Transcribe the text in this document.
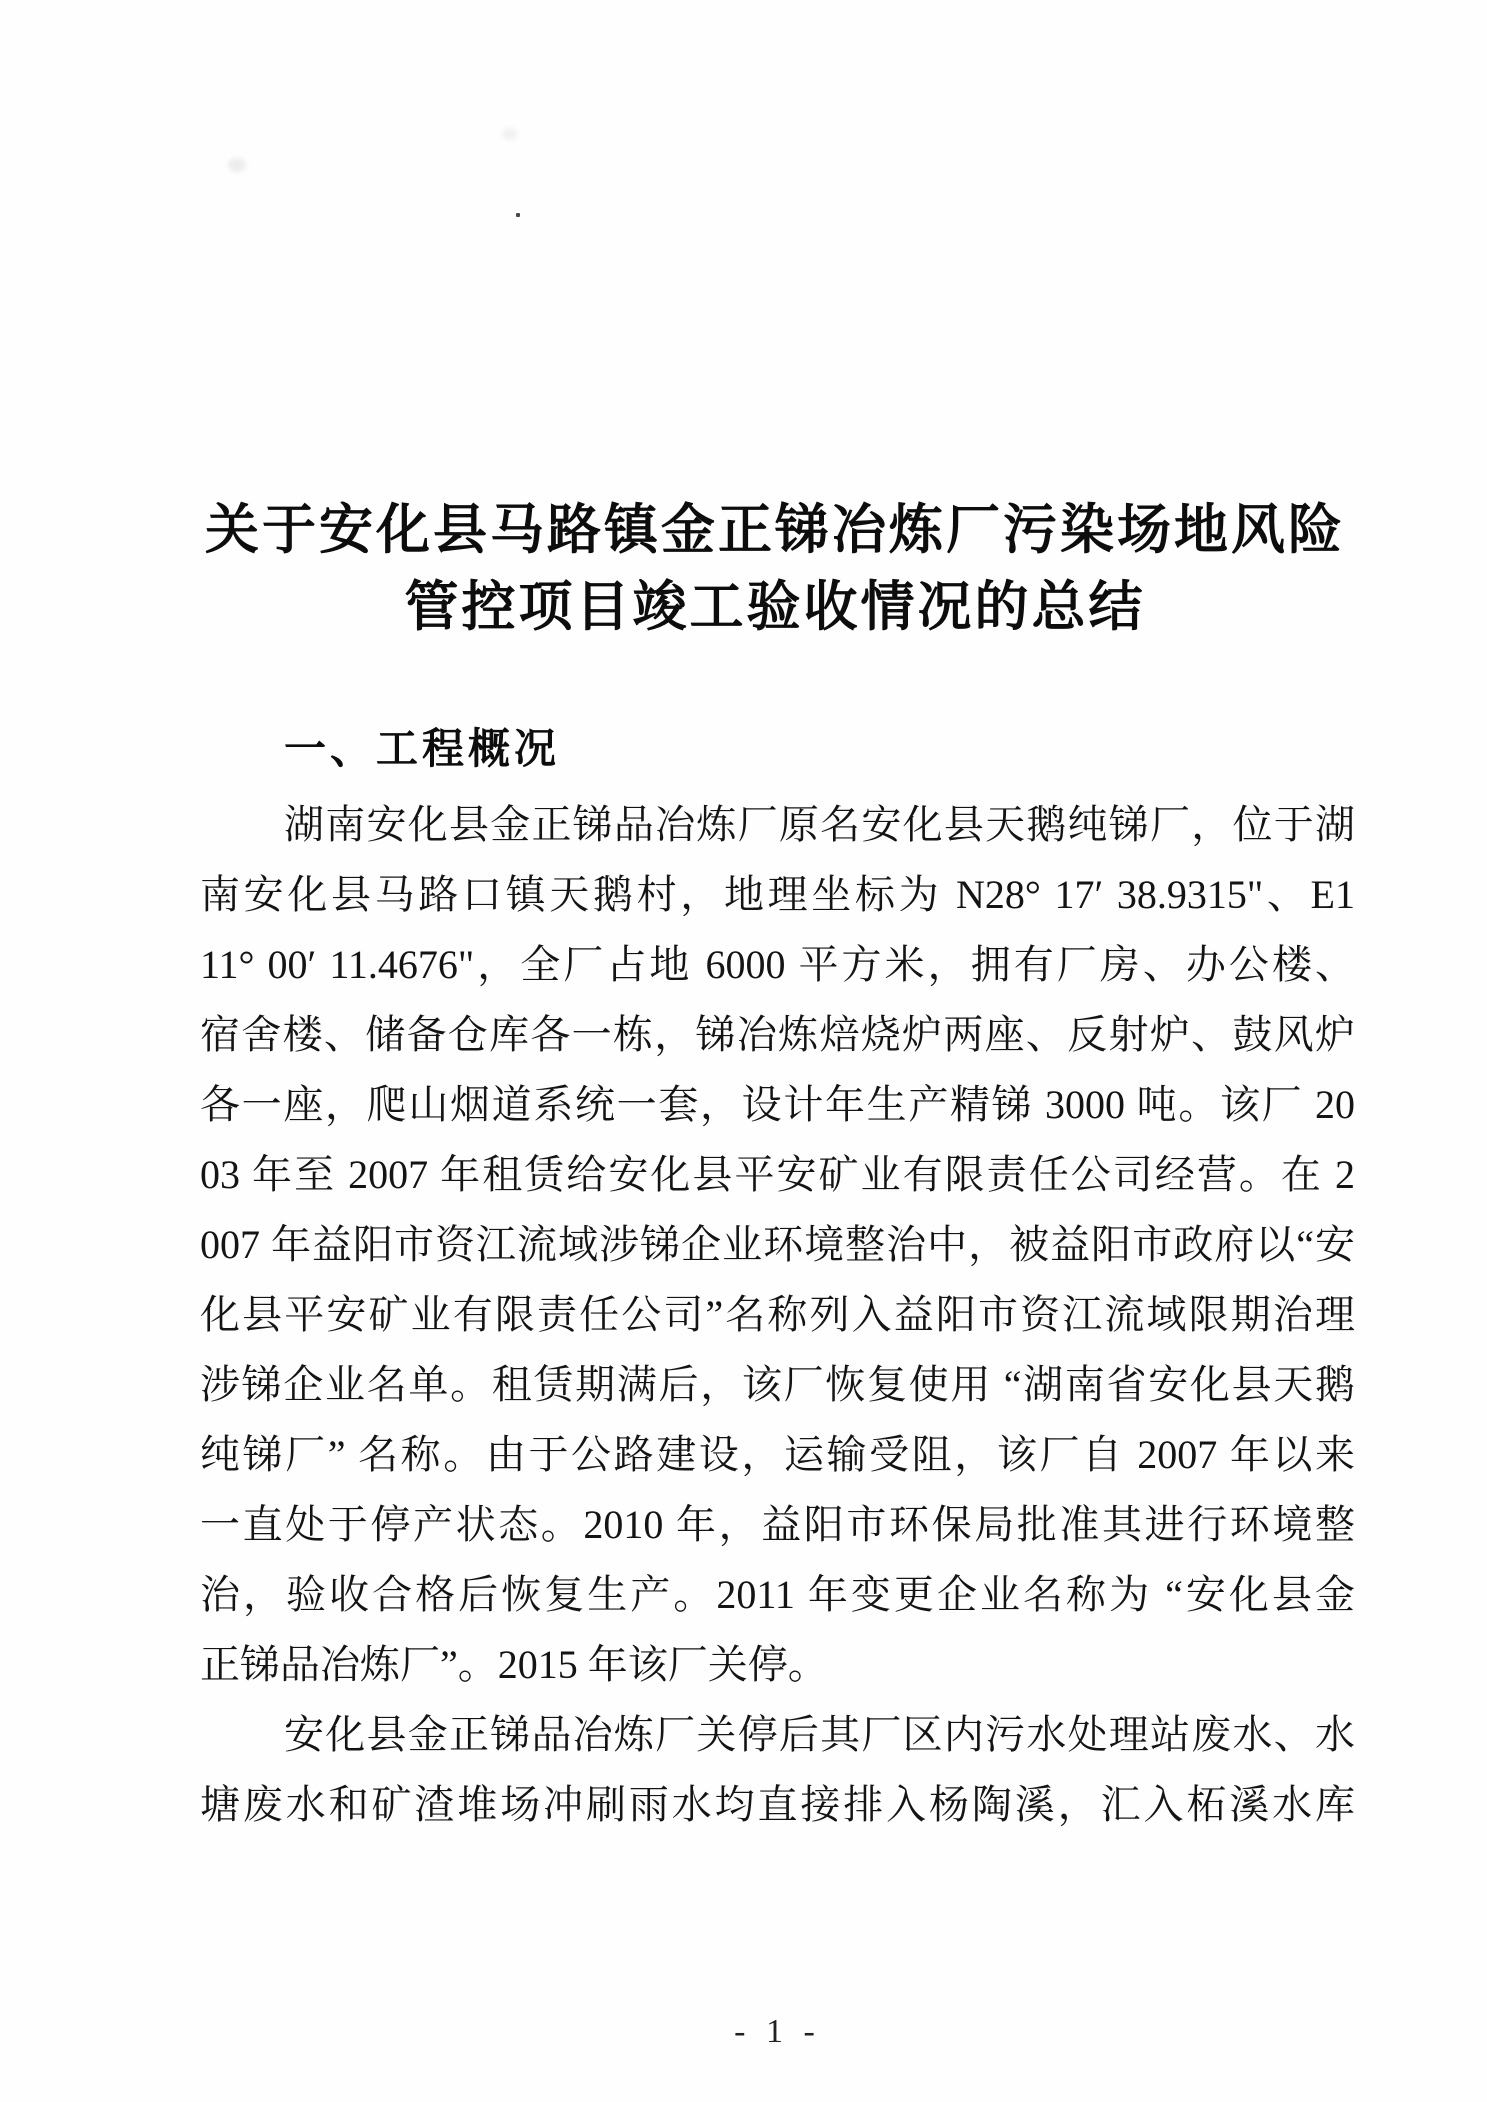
关于安化县马路镇金正锑冶炼厂污染场地风险
管控项目竣工验收情况的总结
一、工程概况
湖南安化县金正锑品冶炼厂原名安化县天鹅纯锑厂，位于湖
南安化县马路口镇天鹅村，地理坐标为 N28° 17′ 38.9315"、E1
11° 00′ 11.4676"，全厂占地 6000 平方米，拥有厂房、办公楼、
宿舍楼、储备仓库各一栋，锑冶炼焙烧炉两座、反射炉、鼓风炉
各一座，爬山烟道系统一套，设计年生产精锑 3000 吨。该厂 20
03 年至 2007 年租赁给安化县平安矿业有限责任公司经营。在 2
007 年益阳市资江流域涉锑企业环境整治中，被益阳市政府以“安
化县平安矿业有限责任公司”名称列入益阳市资江流域限期治理
涉锑企业名单。租赁期满后，该厂恢复使用 “湖南省安化县天鹅
纯锑厂” 名称。由于公路建设，运输受阻，该厂自 2007 年以来
一直处于停产状态。2010 年，益阳市环保局批准其进行环境整
治，验收合格后恢复生产。2011 年变更企业名称为 “安化县金
正锑品冶炼厂”。2015 年该厂关停。
安化县金正锑品冶炼厂关停后其厂区内污水处理站废水、水
塘废水和矿渣堆场冲刷雨水均直接排入杨陶溪，汇入柘溪水库
- 1 -
